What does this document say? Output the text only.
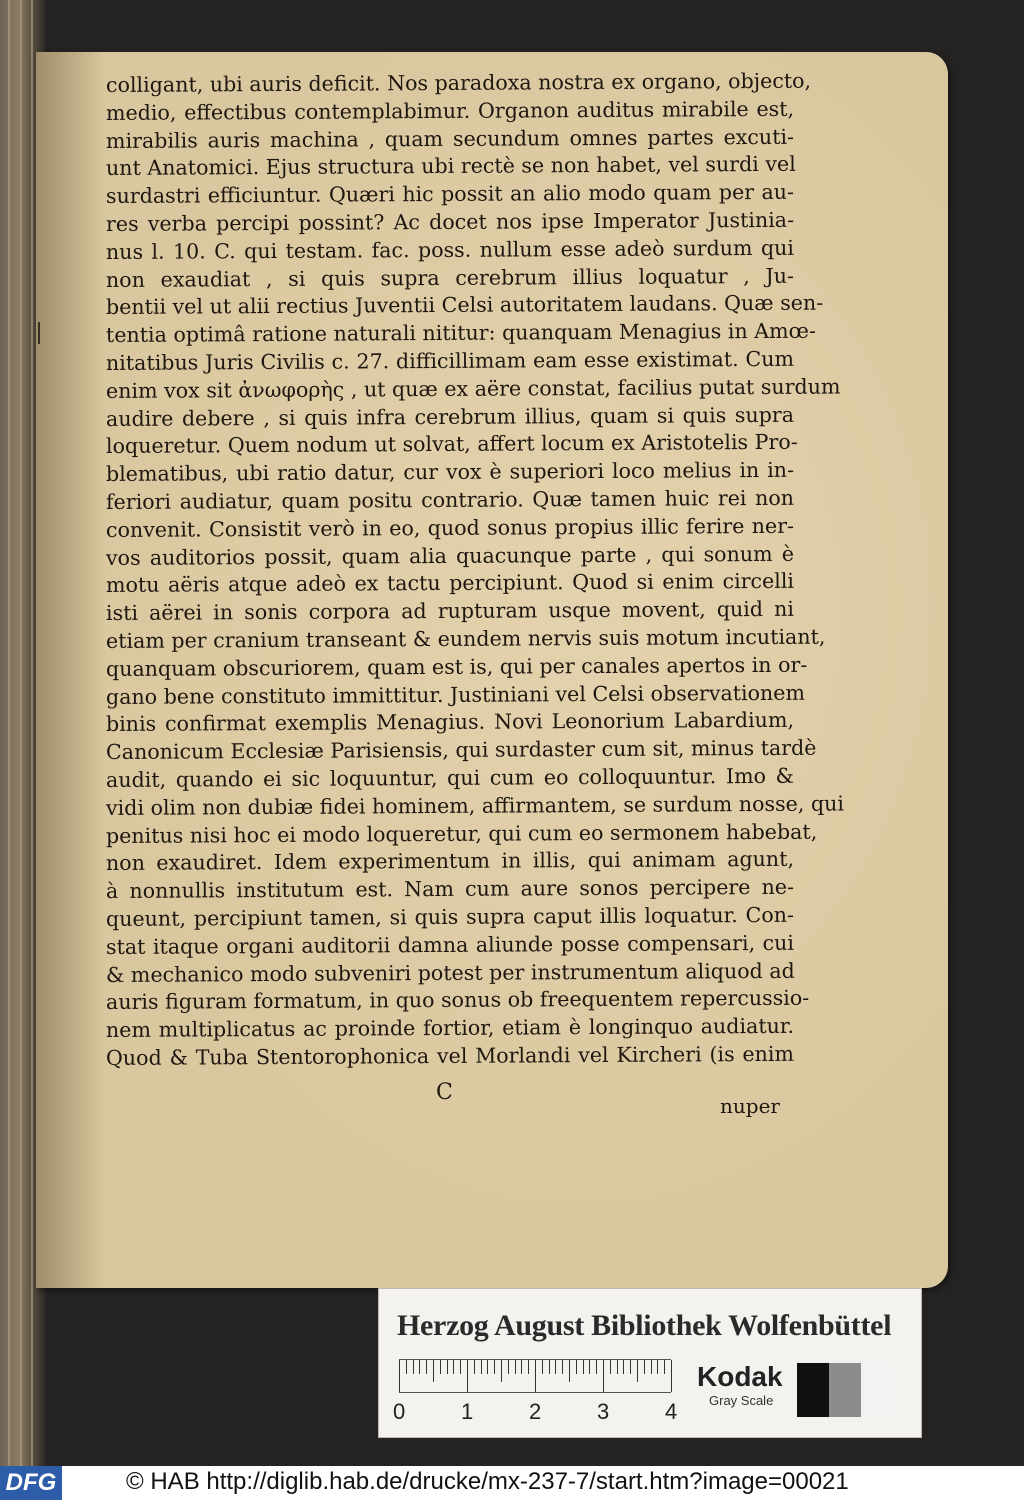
colligant, ubi auris deficit. Nos paradoxa nostra ex organo, objecto,
medio, effectibus contemplabimur. Organon auditus mirabile est,
mirabilis auris machina , quam secundum omnes partes excuti-
unt Anatomici. Ejus structura ubi rectè se non habet, vel surdi vel
surdastri efficiuntur. Quæri hic possit an alio modo quam per au-
res verba percipi possint? Ac docet nos ipse Imperator Justinia-
nus l. 10. C. qui testam. fac. poss. nullum esse adeò surdum qui
non exaudiat , si quis supra cerebrum illius loquatur , Ju-
bentii vel ut alii rectius Juventii Celsi autoritatem laudans. Quæ sen-
tentia optimâ ratione naturali nititur: quanquam Menagius in Amœ-
nitatibus Juris Civilis c. 27. difficillimam eam esse existimat. Cum
enim vox sit ἀνωφορὴς , ut quæ ex aëre constat, facilius putat surdum
audire debere , si quis infra cerebrum illius, quam si quis supra
loqueretur. Quem nodum ut solvat, affert locum ex Aristotelis Pro-
blematibus, ubi ratio datur, cur vox è superiori loco melius in in-
feriori audiatur, quam positu contrario. Quæ tamen huic rei non
convenit. Consistit verò in eo, quod sonus propius illic ferire ner-
vos auditorios possit, quam alia quacunque parte , qui sonum è
motu aëris atque adeò ex tactu percipiunt. Quod si enim circelli
isti aërei in sonis corpora ad rupturam usque movent, quid ni
etiam per cranium transeant & eundem nervis suis motum incutiant,
quanquam obscuriorem, quam est is, qui per canales apertos in or-
gano bene constituto immittitur. Justiniani vel Celsi observationem
binis confirmat exemplis Menagius. Novi Leonorium Labardium,
Canonicum Ecclesiæ Parisiensis, qui surdaster cum sit, minus tardè
audit, quando ei sic loquuntur, qui cum eo colloquuntur. Imo &
vidi olim non dubiæ fidei hominem, affirmantem, se surdum nosse, qui
penitus nisi hoc ei modo loqueretur, qui cum eo sermonem habebat,
non exaudiret. Idem experimentum in illis, qui animam agunt,
à nonnullis institutum est. Nam cum aure sonos percipere ne-
queunt, percipiunt tamen, si quis supra caput illis loquatur. Con-
stat itaque organi auditorii damna aliunde posse compensari, cui
& mechanico modo subveniri potest per instrumentum aliquod ad
auris figuram formatum, in quo sonus ob freequentem repercussio-
nem multiplicatus ac proinde fortior, etiam è longinquo audiatur.
Quod & Tuba Stentorophonica vel Morlandi vel Kircheri (is enim
C
nuper
Herzog August Bibliothek Wolfenbüttel
0	1	2	3	4
Kodak
Gray Scale
DFG	© HAB http://diglib.hab.de/drucke/mx-237-7/start.htm?image=00021
